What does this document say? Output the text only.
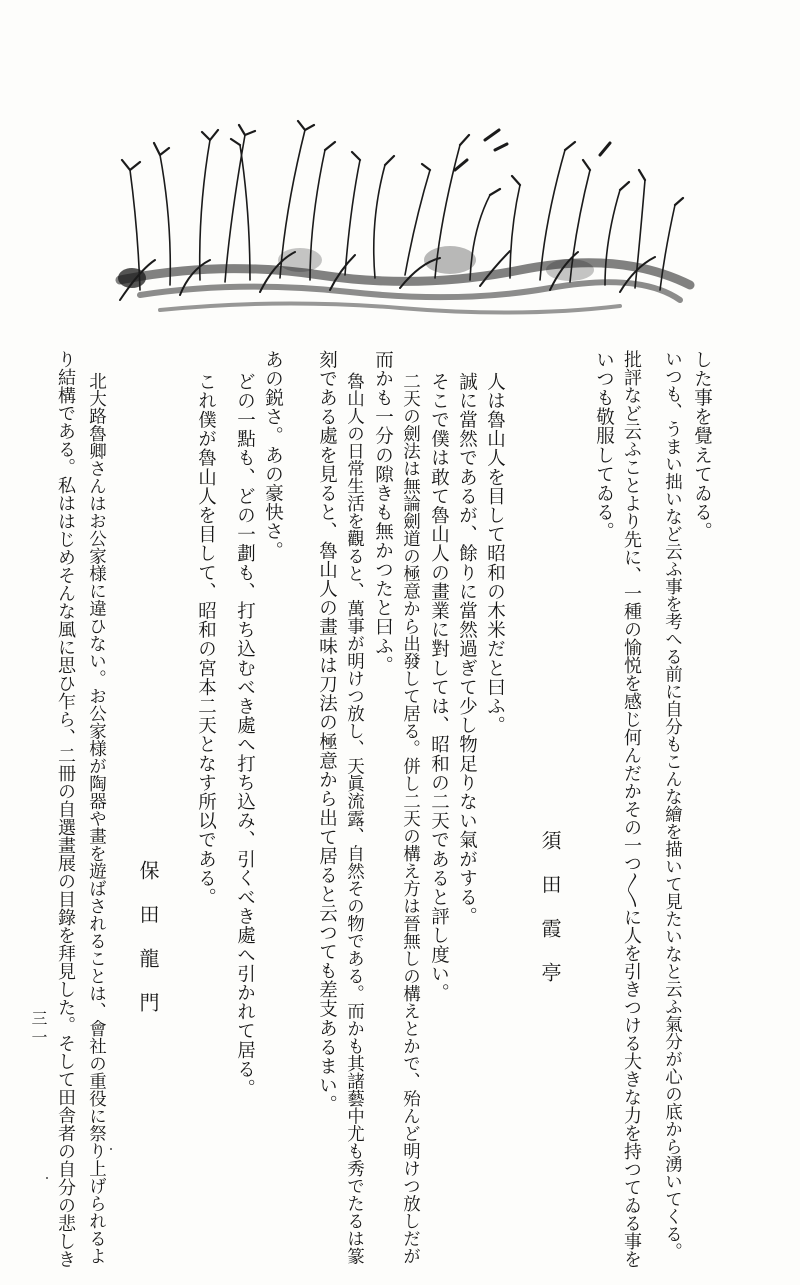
した事を覺えてゐる。
いつも、うまい拙いなど云ふ事を考へる前に自分もこんな繪を描いて見たいなと云ふ氣分が心の底から湧いてくる。
批評など云ふことより先に、一種の愉悦を感じ何んだかその一つ〳〵に人を引きつける大きな力を持つてゐる事を
いつも敬服してゐる。
須田霞亭
人は魯山人を目して昭和の木米だと曰ふ。
誠に當然であるが、餘りに當然過ぎて少し物足りない氣がする。
そこで僕は敢て魯山人の畫業に對しては、昭和の二天であると評し度い。
二天の劍法は無論劍道の極意から出發して居る。併し二天の構え方は晉無しの構えとかで、殆んど明けつ放しだが
而かも一分の隙きも無かつたと曰ふ。
魯山人の日常生活を觀ると、萬事が明けつ放し、天眞流露、自然その物である。而かも其諸藝中尤も秀でたるは篆
刻である處を見ると、魯山人の畫味は刀法の極意から出て居ると云つても差支あるまい。
あの鋭さ。あの豪快さ。
どの一點も、どの一劃も、打ち込むべき處へ打ち込み、引くべき處へ引かれて居る。
これ僕が魯山人を目して、昭和の宮本二天となす所以である。
保田龍門
北大路魯卿さんはお公家様に違ひない。お公家様が陶器や畫を遊ばされることは、會社の重役に祭り上げられるよ
り結構である。私ははじめそんな風に思ひ乍ら、二冊の自選畫展の目錄を拜見した。そして田舎者の自分の悲しき
三一
